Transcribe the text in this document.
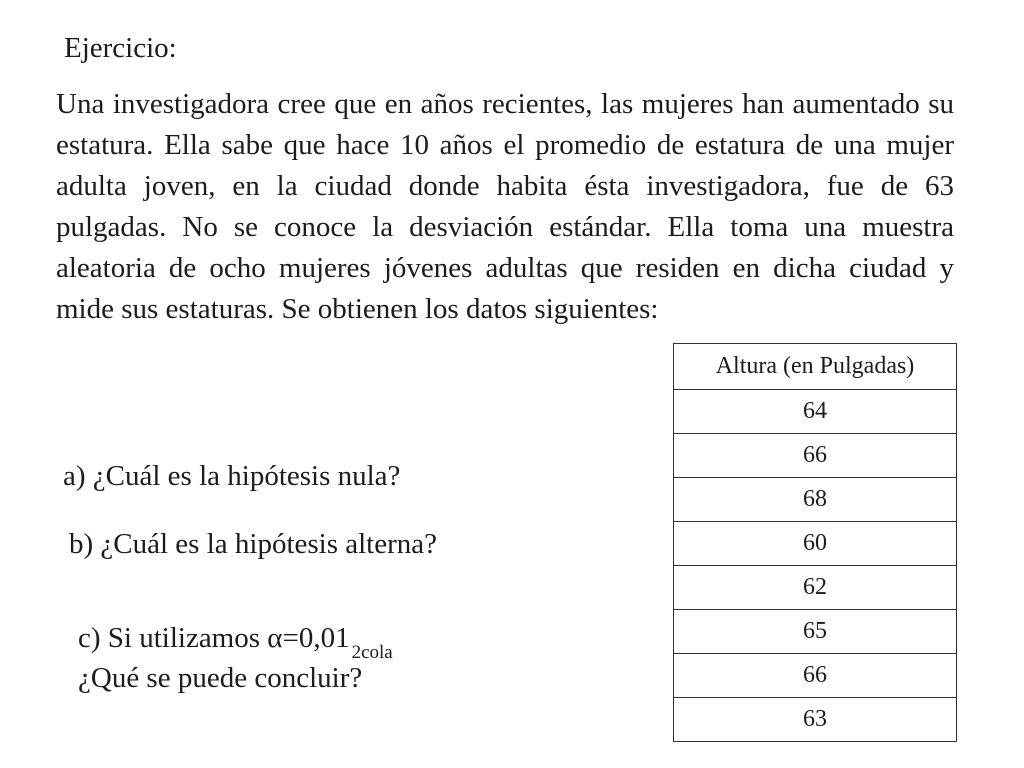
Ejercicio:

Una investigadora cree que en años recientes, las mujeres han aumentado su estatura. Ella sabe que hace 10 años el promedio de estatura de una mujer adulta joven, en la ciudad donde habita ésta investigadora, fue de 63 pulgadas. No se conoce la desviación estándar. Ella toma una muestra aleatoria de ocho mujeres jóvenes adultas que residen en dicha ciudad y mide sus estaturas. Se obtienen los datos siguientes:

a) ¿Cuál es la hipótesis nula?

b) ¿Cuál es la hipótesis alterna?

c) Si utilizamos α=0,01 $_{2cola}$

¿Qué se puede concluir?

Altura (en Pulgadas)
64
66
68
60
62
65
66
63
